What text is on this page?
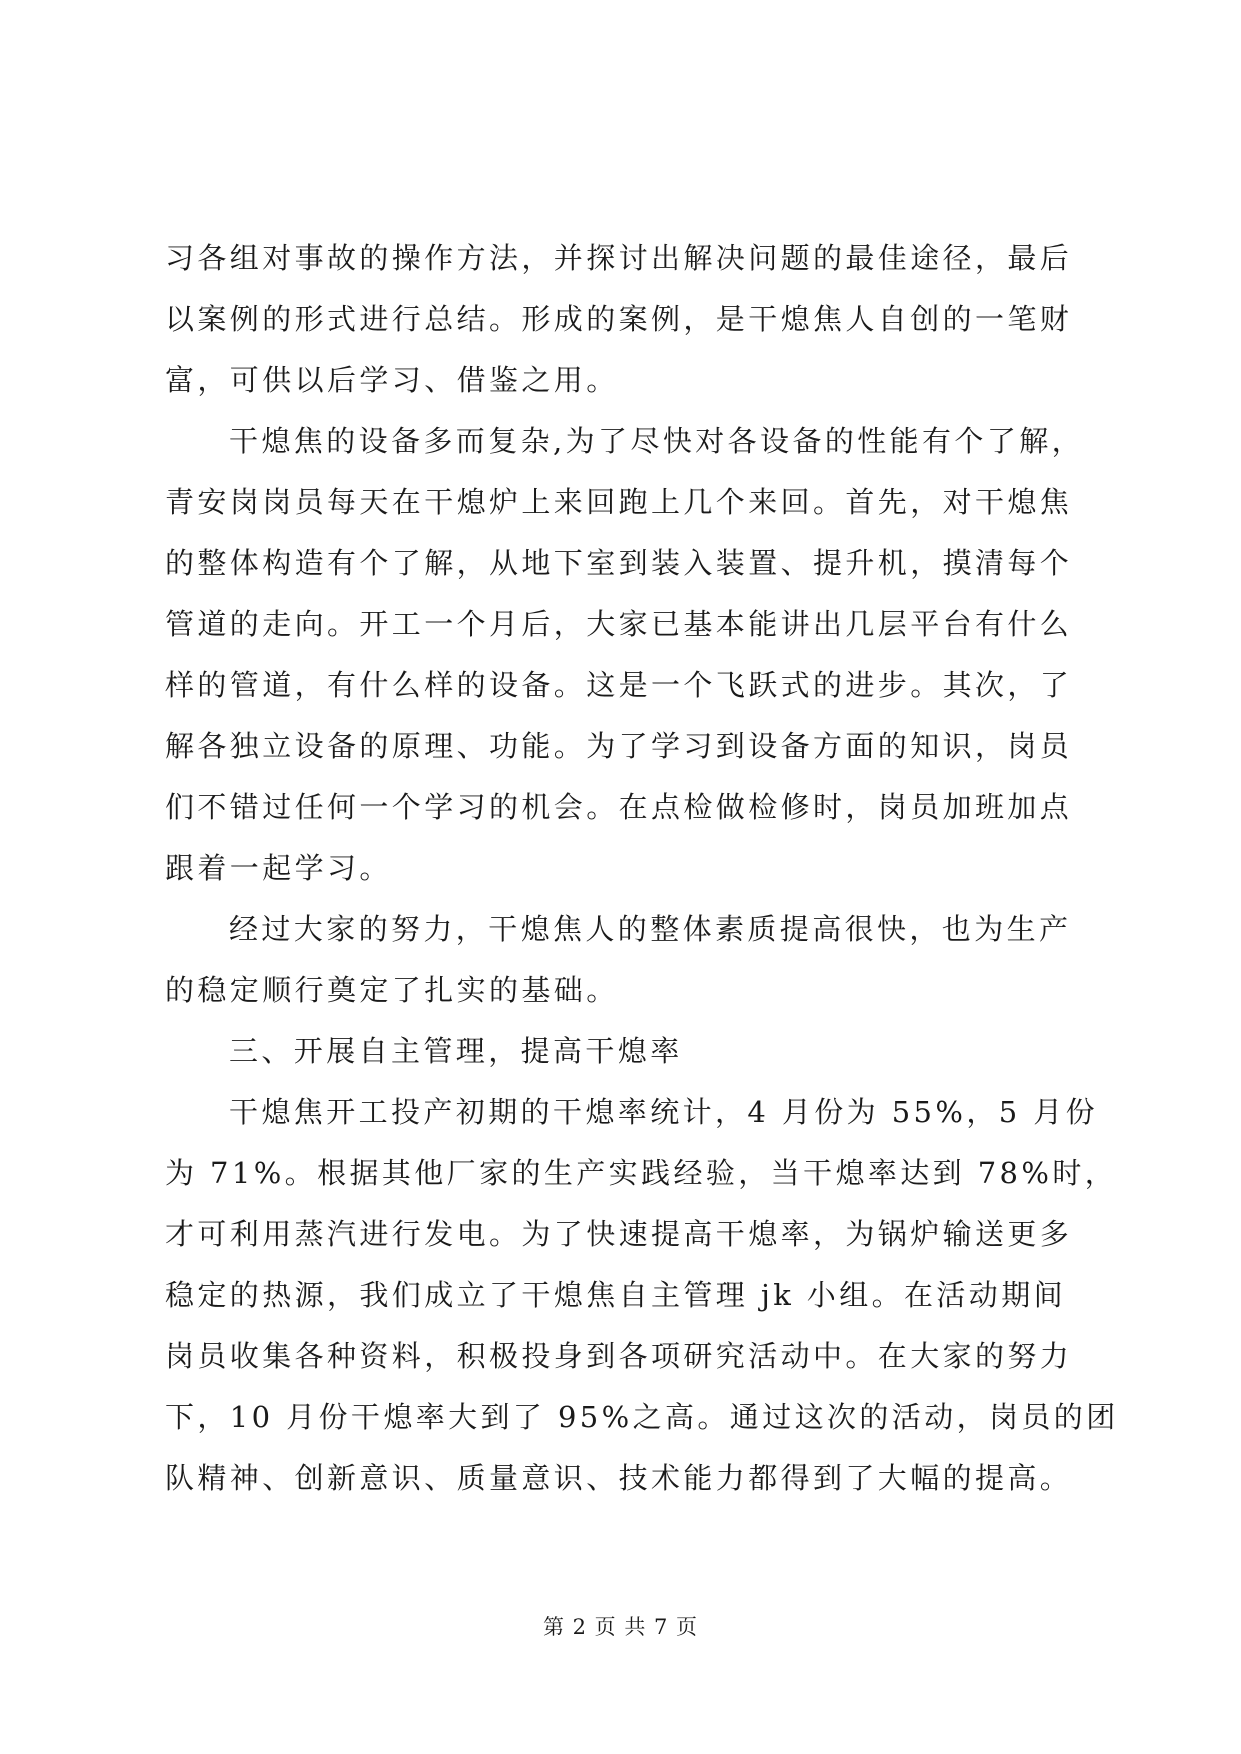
习各组对事故的操作方法，并探讨出解决问题的最佳途径，最后
以案例的形式进行总结。形成的案例，是干熄焦人自创的一笔财
富，可供以后学习、借鉴之用。
干熄焦的设备多而复杂,为了尽快对各设备的性能有个了解，
青安岗岗员每天在干熄炉上来回跑上几个来回。首先，对干熄焦
的整体构造有个了解，从地下室到装入装置、提升机，摸清每个
管道的走向。开工一个月后，大家已基本能讲出几层平台有什么
样的管道，有什么样的设备。这是一个飞跃式的进步。其次，了
解各独立设备的原理、功能。为了学习到设备方面的知识，岗员
们不错过任何一个学习的机会。在点检做检修时，岗员加班加点
跟着一起学习。
经过大家的努力，干熄焦人的整体素质提高很快，也为生产
的稳定顺行奠定了扎实的基础。
三、开展自主管理，提高干熄率
干熄焦开工投产初期的干熄率统计，4 月份为 55%，5 月份
为 71%。根据其他厂家的生产实践经验，当干熄率达到 78%时，
才可利用蒸汽进行发电。为了快速提高干熄率，为锅炉输送更多
稳定的热源，我们成立了干熄焦自主管理 jk 小组。在活动期间
岗员收集各种资料，积极投身到各项研究活动中。在大家的努力
下，10 月份干熄率大到了 95%之高。通过这次的活动，岗员的团
队精神、创新意识、质量意识、技术能力都得到了大幅的提高。
第 2 页 共 7 页
